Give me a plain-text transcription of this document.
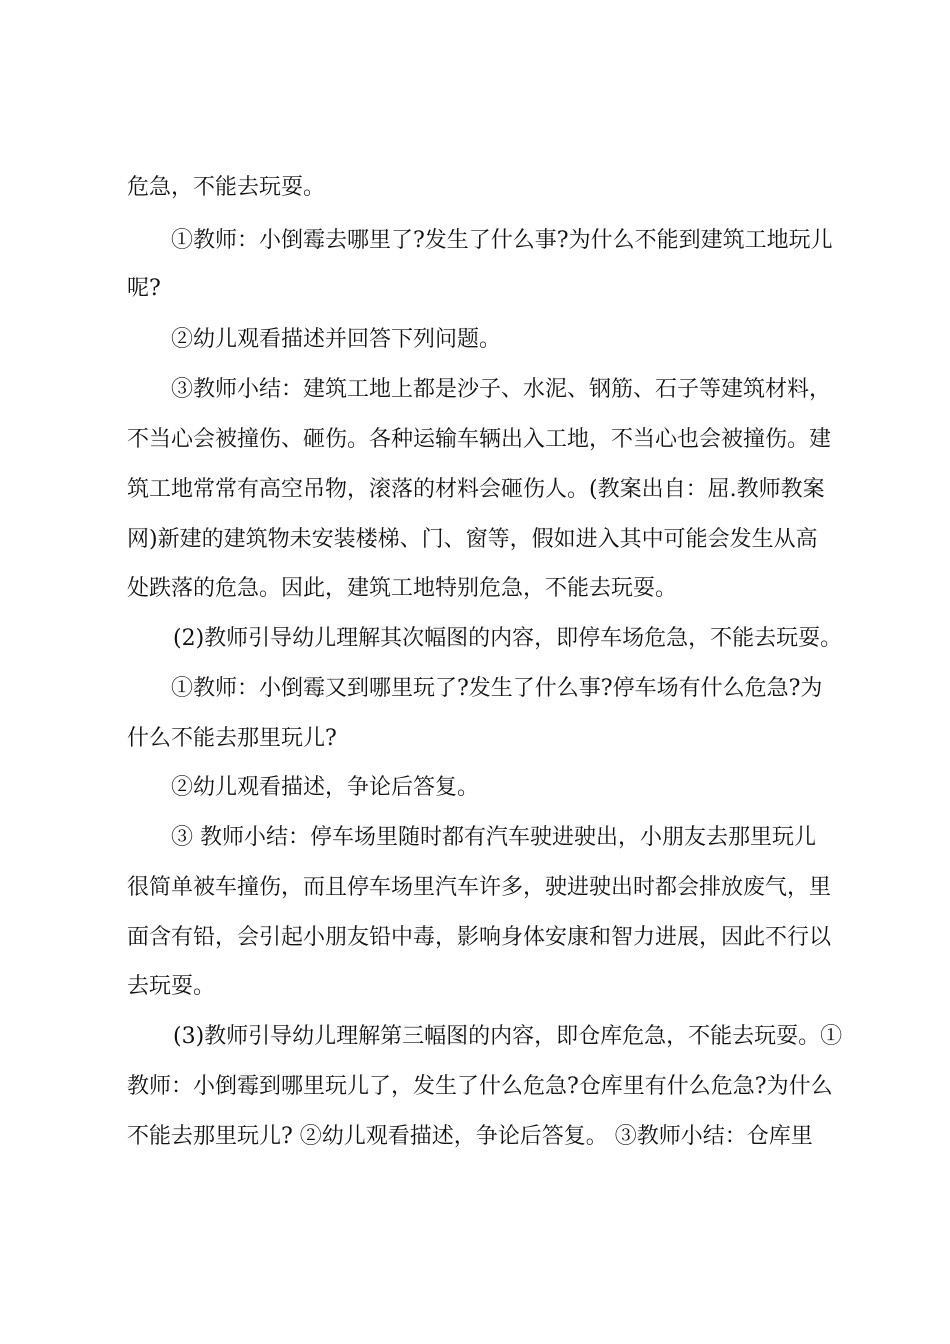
危急，不能去玩耍。
①教师：小倒霉去哪里了?发生了什么事?为什么不能到建筑工地玩儿
呢?
②幼儿观看描述并回答下列问题。
③教师小结：建筑工地上都是沙子、水泥、钢筋、石子等建筑材料，
不当心会被撞伤、砸伤。各种运输车辆出入工地，不当心也会被撞伤。建
筑工地常常有高空吊物，滚落的材料会砸伤人。(教案出自：屈.教师教案
网)新建的建筑物未安装楼梯、门、窗等，假如进入其中可能会发生从高
处跌落的危急。因此，建筑工地特别危急，不能去玩耍。
(2)教师引导幼儿理解其次幅图的内容，即停车场危急，不能去玩耍。
①教师：小倒霉又到哪里玩了?发生了什么事?停车场有什么危急?为
什么不能去那里玩儿?
②幼儿观看描述，争论后答复。
③ 教师小结：停车场里随时都有汽车驶进驶出，小朋友去那里玩儿
很简单被车撞伤，而且停车场里汽车许多，驶进驶出时都会排放废气，里
面含有铅，会引起小朋友铅中毒，影响身体安康和智力进展，因此不行以
去玩耍。
(3)教师引导幼儿理解第三幅图的内容，即仓库危急，不能去玩耍。①
教师：小倒霉到哪里玩儿了，发生了什么危急?仓库里有什么危急?为什么
不能去那里玩儿? ②幼儿观看描述，争论后答复。 ③教师小结：仓库里
